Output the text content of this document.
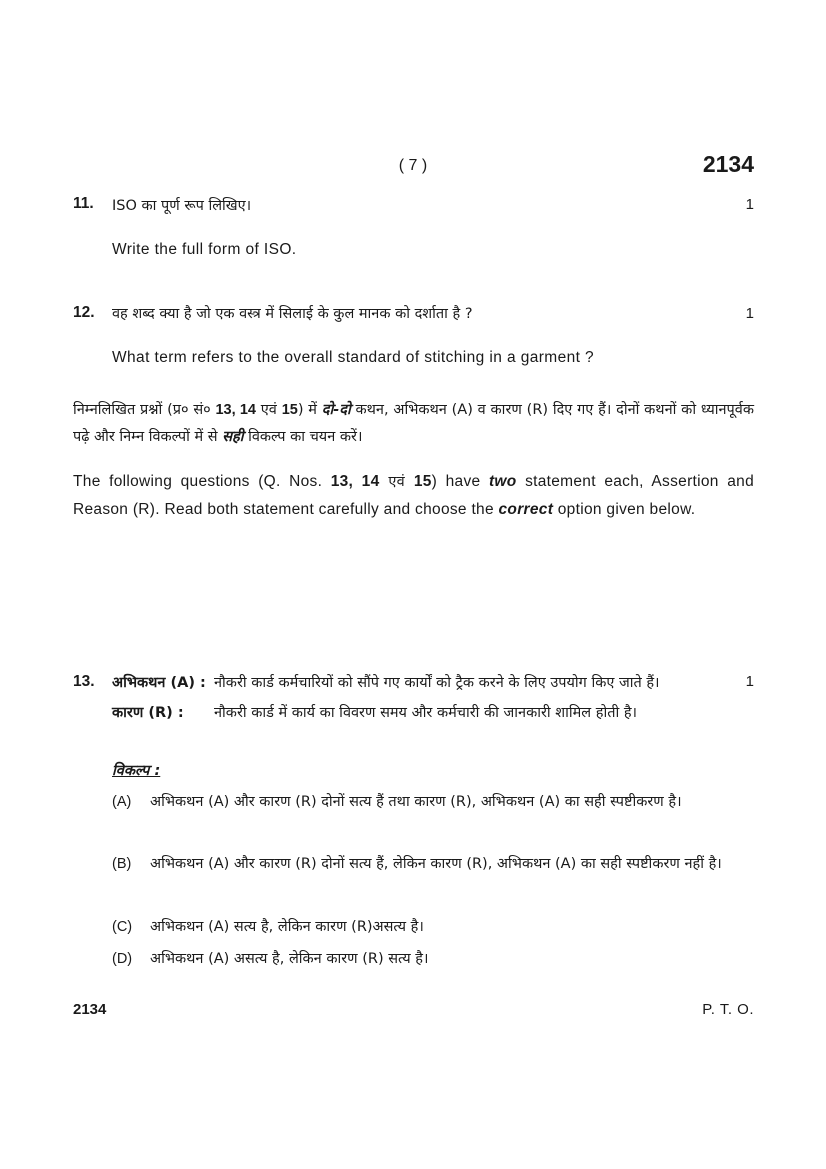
( 7 )	2134
11. ISO का पूर्ण रूप लिखिए।	1
Write the full form of ISO.
12. वह शब्द क्या है जो एक वस्त्र में सिलाई के कुल मानक को दर्शाता है ?	1
What term refers to the overall standard of stitching in a garment ?
निम्नलिखित प्रश्नों (प्र० सं० 13, 14 एवं 15) में दो-दो कथन, अभिकथन (A) व कारण (R) दिए गए हैं। दोनों कथनों को ध्यानपूर्वक पढ़े और निम्न विकल्पों में से सही विकल्प का चयन करें।
The following questions (Q. Nos. 13, 14 एवं 15) have two statement each, Assertion and Reason (R). Read both statement carefully and choose the correct option given below.
13. अभिकथन (A) : नौकरी कार्ड कर्मचारियों को सौंपे गए कार्यों को ट्रैक करने के लिए उपयोग किए जाते हैं।	1
कारण (R) : नौकरी कार्ड में कार्य का विवरण समय और कर्मचारी की जानकारी शामिल होती है।
विकल्प :
(A) अभिकथन (A) और कारण (R) दोनों सत्य हैं तथा कारण (R), अभिकथन (A) का सही स्पष्टीकरण है।
(B) अभिकथन (A) और कारण (R) दोनों सत्य हैं, लेकिन कारण (R), अभिकथन (A) का सही स्पष्टीकरण नहीं है।
(C) अभिकथन (A) सत्य है, लेकिन कारण (R)असत्य है।
(D) अभिकथन (A) असत्य है, लेकिन कारण (R) सत्य है।
2134	P. T. O.
